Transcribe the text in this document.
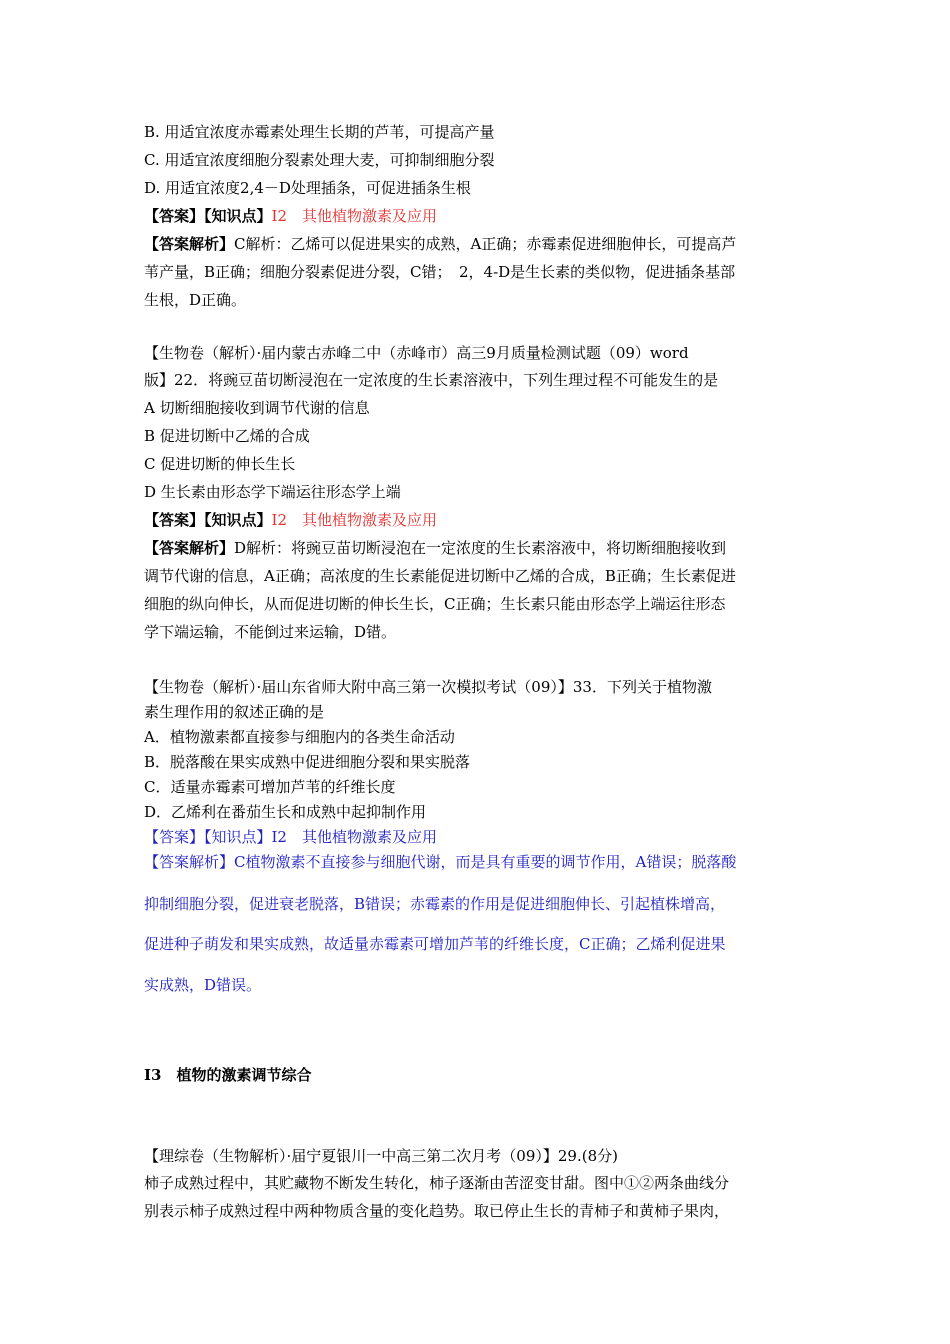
B. 用适宜浓度赤霉素处理生长期的芦苇，可提高产量
C. 用适宜浓度细胞分裂素处理大麦，可抑制细胞分裂
D. 用适宜浓度2,4－D处理插条，可促进插条生根
【答案】【知识点】I2　其他植物激素及应用
【答案解析】C解析：乙烯可以促进果实的成熟，A正确；赤霉素促进细胞伸长，可提高芦
苇产量，B正确；细胞分裂素促进分裂，C错；　2，4-D是生长素的类似物，促进插条基部
生根，D正确。
【生物卷（解析）·届内蒙古赤峰二中（赤峰市）高三9月质量检测试题（09）word
版】22．将豌豆苗切断浸泡在一定浓度的生长素溶液中，下列生理过程不可能发生的是
A 切断细胞接收到调节代谢的信息
B 促进切断中乙烯的合成
C 促进切断的伸长生长
D 生长素由形态学下端运往形态学上端
【答案】【知识点】I2　其他植物激素及应用
【答案解析】D解析：将豌豆苗切断浸泡在一定浓度的生长素溶液中，将切断细胞接收到
调节代谢的信息，A正确；高浓度的生长素能促进切断中乙烯的合成，B正确；生长素促进
细胞的纵向伸长，从而促进切断的伸长生长，C正确；生长素只能由形态学上端运往形态
学下端运输，不能倒过来运输，D错。
【生物卷（解析）·届山东省师大附中高三第一次模拟考试（09）】33．下列关于植物激
素生理作用的叙述正确的是
A．植物激素都直接参与细胞内的各类生命活动
B．脱落酸在果实成熟中促进细胞分裂和果实脱落
C．适量赤霉素可增加芦苇的纤维长度
D．乙烯利在番茄生长和成熟中起抑制作用
【答案】【知识点】I2　其他植物激素及应用
【答案解析】C植物激素不直接参与细胞代谢，而是具有重要的调节作用，A错误；脱落酸
抑制细胞分裂，促进衰老脱落，B错误；赤霉素的作用是促进细胞伸长、引起植株增高，
促进种子萌发和果实成熟，故适量赤霉素可增加芦苇的纤维长度，C正确；乙烯利促进果
实成熟，D错误。
I3　植物的激素调节综合
【理综卷（生物解析）·届宁夏银川一中高三第二次月考（09）】29.(8分)
柿子成熟过程中，其贮藏物不断发生转化，柿子逐渐由苦涩变甘甜。图中①②两条曲线分
别表示柿子成熟过程中两种物质含量的变化趋势。取已停止生长的青柿子和黄柿子果肉，
